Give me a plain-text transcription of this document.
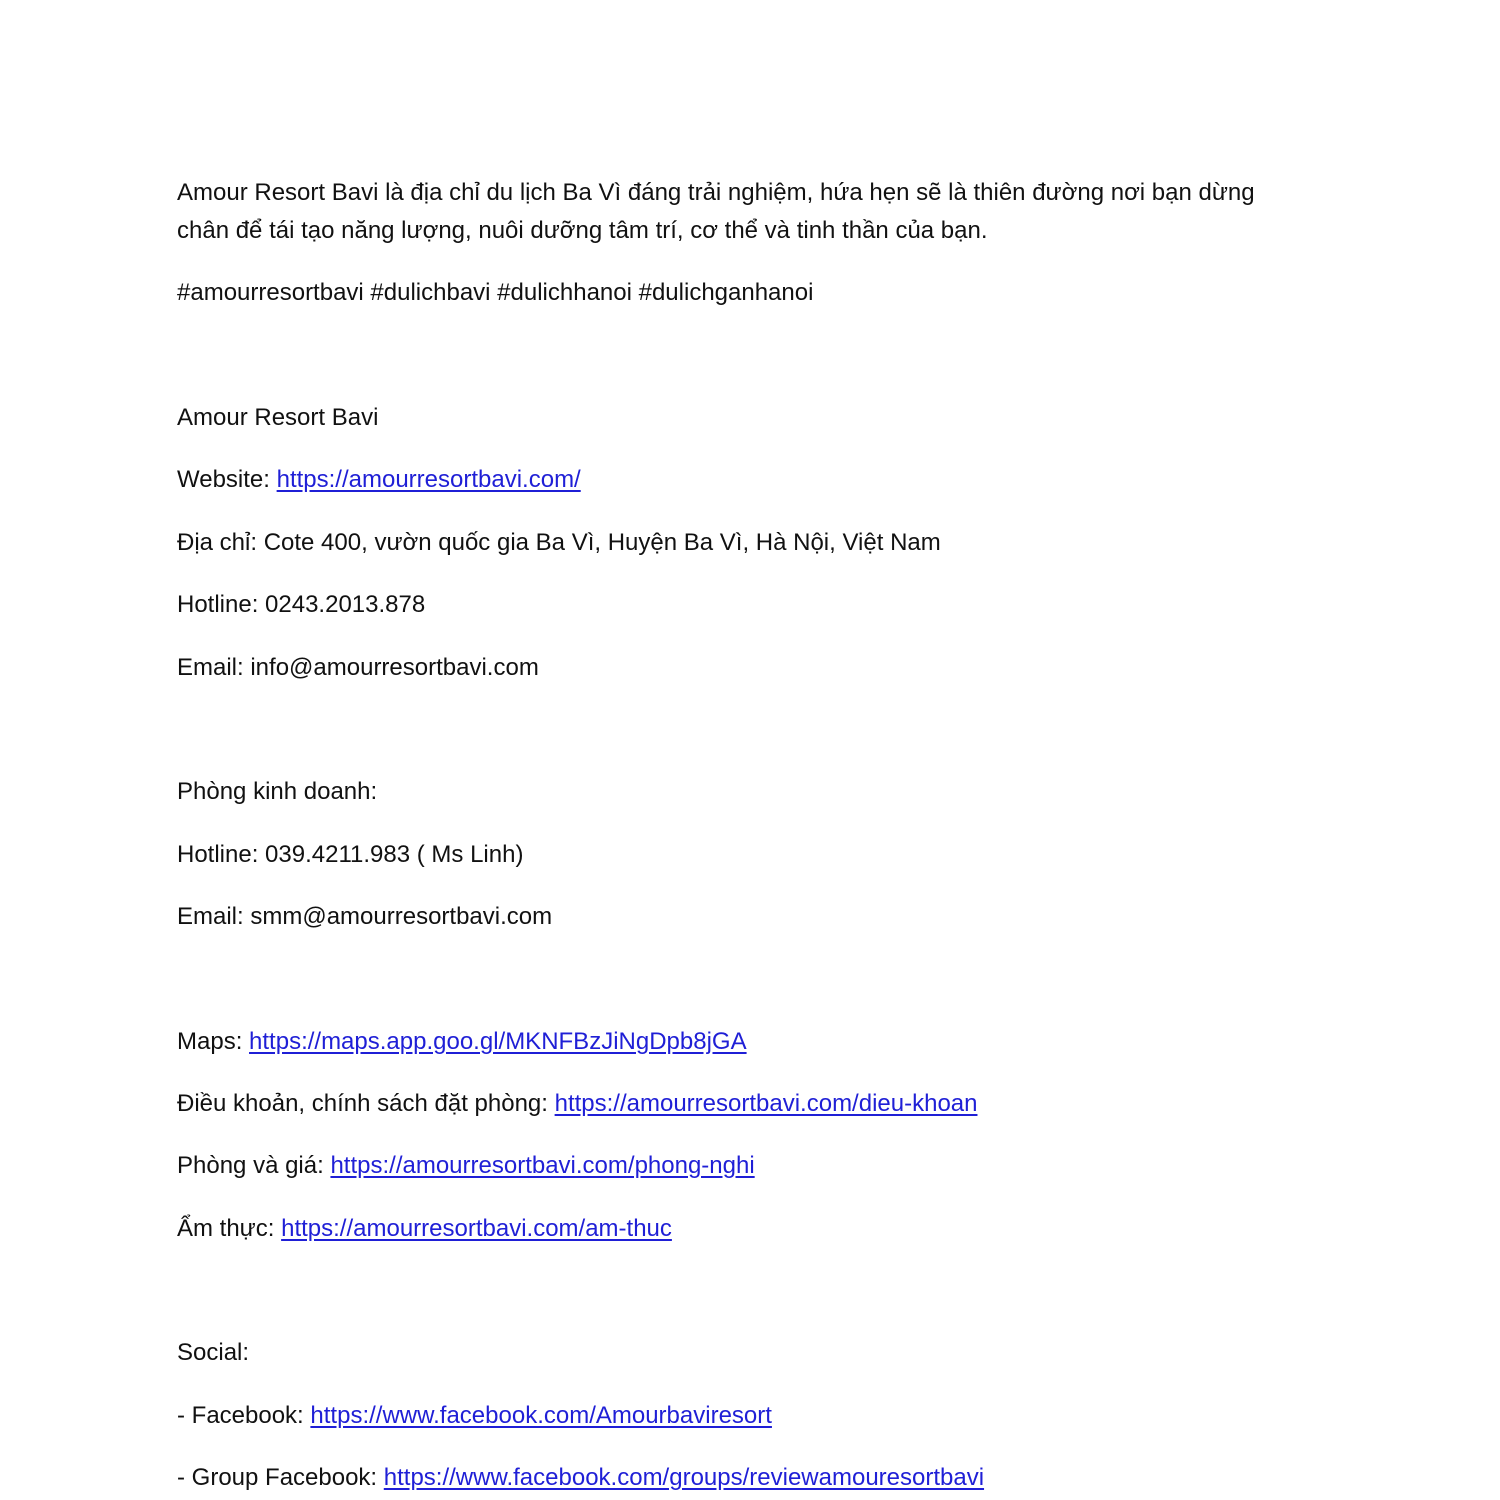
Amour Resort Bavi là địa chỉ du lịch Ba Vì đáng trải nghiệm, hứa hẹn sẽ là thiên đường nơi bạn dừng
chân để tái tạo năng lượng, nuôi dưỡng tâm trí, cơ thể và tinh thần của bạn.
#amourresortbavi #dulichbavi #dulichhanoi #dulichganhanoi
Amour Resort Bavi
Website: https://amourresortbavi.com/
Địa chỉ: Cote 400, vườn quốc gia Ba Vì, Huyện Ba Vì, Hà Nội, Việt Nam
Hotline: 0243.2013.878
Email: info@amourresortbavi.com
Phòng kinh doanh:
Hotline: 039.4211.983 ( Ms Linh)
Email: smm@amourresortbavi.com
Maps: https://maps.app.goo.gl/MKNFBzJiNgDpb8jGA
Điều khoản, chính sách đặt phòng: https://amourresortbavi.com/dieu-khoan
Phòng và giá: https://amourresortbavi.com/phong-nghi
Ẩm thực: https://amourresortbavi.com/am-thuc
Social:
- Facebook: https://www.facebook.com/Amourbaviresort
- Group Facebook: https://www.facebook.com/groups/reviewamouresortbavi
